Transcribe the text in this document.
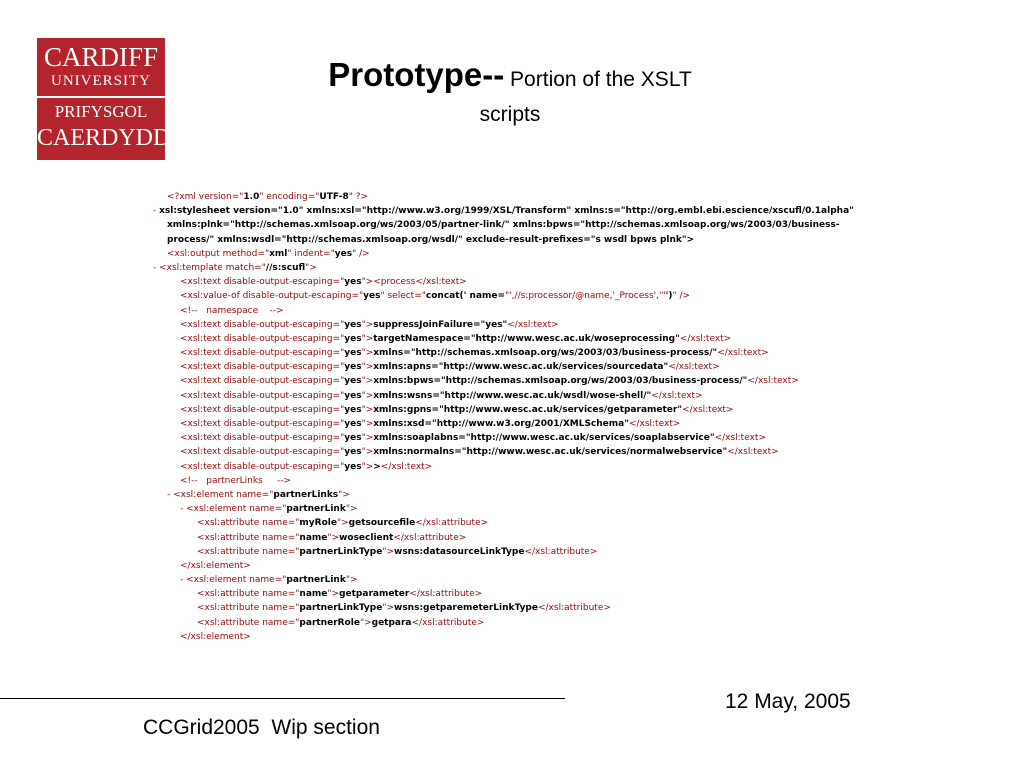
CARDIFF
UNIVERSITY
PRIFYSGOL
CAERDYDD
Prototype-- Portion of the XSLT
scripts
<?xml version="1.0" encoding="UTF-8" ?>
- xsl:stylesheet version="1.0" xmlns:xsl="http://www.w3.org/1999/XSL/Transform" xmlns:s="http://org.embl.ebi.escience/xscufl/0.1alpha"
xmlns:plnk="http://schemas.xmlsoap.org/ws/2003/05/partner-link/" xmlns:bpws="http://schemas.xmlsoap.org/ws/2003/03/business-
process/" xmlns:wsdl="http://schemas.xmlsoap.org/wsdl/" exclude-result-prefixes="s wsdl bpws plnk">
<xsl:output method="xml" indent="yes" />
- <xsl:template match="//s:scufl">
<xsl:text disable-output-escaping="yes"><process</xsl:text>
<xsl:value-of disable-output-escaping="yes" select="concat(' name="',//s:processor/@name,'_Process','"')" />
<!--   namespace    -->
<xsl:text disable-output-escaping="yes">suppressJoinFailure="yes"</xsl:text>
<xsl:text disable-output-escaping="yes">targetNamespace="http://www.wesc.ac.uk/woseprocessing"</xsl:text>
<xsl:text disable-output-escaping="yes">xmlns="http://schemas.xmlsoap.org/ws/2003/03/business-process/"</xsl:text>
<xsl:text disable-output-escaping="yes">xmlns:apns="http://www.wesc.ac.uk/services/sourcedata"</xsl:text>
<xsl:text disable-output-escaping="yes">xmlns:bpws="http://schemas.xmlsoap.org/ws/2003/03/business-process/"</xsl:text>
<xsl:text disable-output-escaping="yes">xmlns:wsns="http://www.wesc.ac.uk/wsdl/wose-shell/"</xsl:text>
<xsl:text disable-output-escaping="yes">xmlns:gpns="http://www.wesc.ac.uk/services/getparameter"</xsl:text>
<xsl:text disable-output-escaping="yes">xmlns:xsd="http://www.w3.org/2001/XMLSchema"</xsl:text>
<xsl:text disable-output-escaping="yes">xmlns:soaplabns="http://www.wesc.ac.uk/services/soaplabservice"</xsl:text>
<xsl:text disable-output-escaping="yes">xmlns:normalns="http://www.wesc.ac.uk/services/normalwebservice"</xsl:text>
<xsl:text disable-output-escaping="yes">></xsl:text>
<!--   partnerLinks     -->
- <xsl:element name="partnerLinks">
- <xsl:element name="partnerLink">
<xsl:attribute name="myRole">getsourcefile</xsl:attribute>
<xsl:attribute name="name">woseclient</xsl:attribute>
<xsl:attribute name="partnerLinkType">wsns:datasourceLinkType</xsl:attribute>
</xsl:element>
- <xsl:element name="partnerLink">
<xsl:attribute name="name">getparameter</xsl:attribute>
<xsl:attribute name="partnerLinkType">wsns:getparemeterLinkType</xsl:attribute>
<xsl:attribute name="partnerRole">getpara</xsl:attribute>
</xsl:element>
CCGrid2005  Wip section
12 May, 2005
